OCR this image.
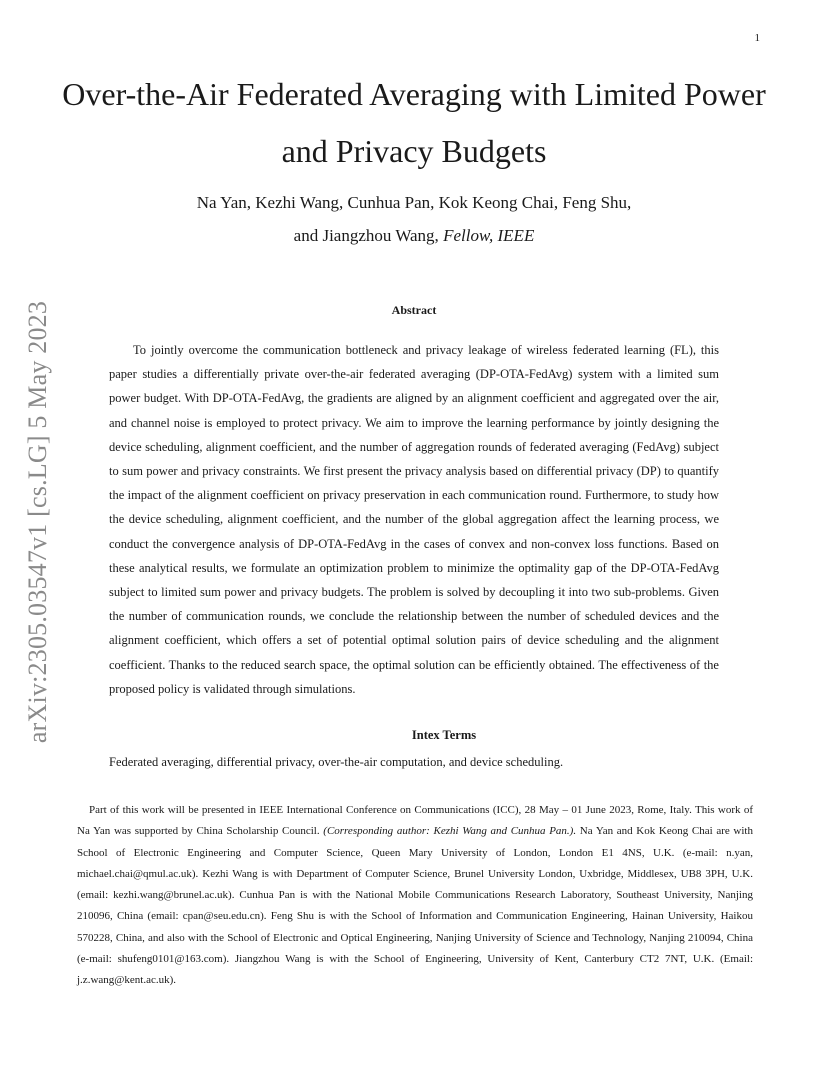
1
arXiv:2305.03547v1 [cs.LG] 5 May 2023
Over-the-Air Federated Averaging with Limited Power and Privacy Budgets
Na Yan, Kezhi Wang, Cunhua Pan, Kok Keong Chai, Feng Shu,
and Jiangzhou Wang, Fellow, IEEE
Abstract

To jointly overcome the communication bottleneck and privacy leakage of wireless federated learning (FL), this paper studies a differentially private over-the-air federated averaging (DP-OTA-FedAvg) system with a limited sum power budget. With DP-OTA-FedAvg, the gradients are aligned by an alignment coefficient and aggregated over the air, and channel noise is employed to protect privacy. We aim to improve the learning performance by jointly designing the device scheduling, alignment coefficient, and the number of aggregation rounds of federated averaging (FedAvg) subject to sum power and privacy constraints. We first present the privacy analysis based on differential privacy (DP) to quantify the impact of the alignment coefficient on privacy preservation in each communication round. Furthermore, to study how the device scheduling, alignment coefficient, and the number of the global aggregation affect the learning process, we conduct the convergence analysis of DP-OTA-FedAvg in the cases of convex and non-convex loss functions. Based on these analytical results, we formulate an optimization problem to minimize the optimality gap of the DP-OTA-FedAvg subject to limited sum power and privacy budgets. The problem is solved by decoupling it into two sub-problems. Given the number of communication rounds, we conclude the relationship between the number of scheduled devices and the alignment coefficient, which offers a set of potential optimal solution pairs of device scheduling and the alignment coefficient. Thanks to the reduced search space, the optimal solution can be efficiently obtained. The effectiveness of the proposed policy is validated through simulations.

Intex Terms

Federated averaging, differential privacy, over-the-air computation, and device scheduling.

Part of this work will be presented in IEEE International Conference on Communications (ICC), 28 May – 01 June 2023, Rome, Italy. This work of Na Yan was supported by China Scholarship Council. (Corresponding author: Kezhi Wang and Cunhua Pan.). Na Yan and Kok Keong Chai are with School of Electronic Engineering and Computer Science, Queen Mary University of London, London E1 4NS, U.K. (e-mail: n.yan, michael.chai@qmul.ac.uk). Kezhi Wang is with Department of Computer Science, Brunel University London, Uxbridge, Middlesex, UB8 3PH, U.K. (email: kezhi.wang@brunel.ac.uk). Cunhua Pan is with the National Mobile Communications Research Laboratory, Southeast University, Nanjing 210096, China (email: cpan@seu.edu.cn). Feng Shu is with the School of Information and Communication Engineering, Hainan University, Haikou 570228, China, and also with the School of Electronic and Optical Engineering, Nanjing University of Science and Technology, Nanjing 210094, China (e-mail: shufeng0101@163.com). Jiangzhou Wang is with the School of Engineering, University of Kent, Canterbury CT2 7NT, U.K. (Email: j.z.wang@kent.ac.uk).
